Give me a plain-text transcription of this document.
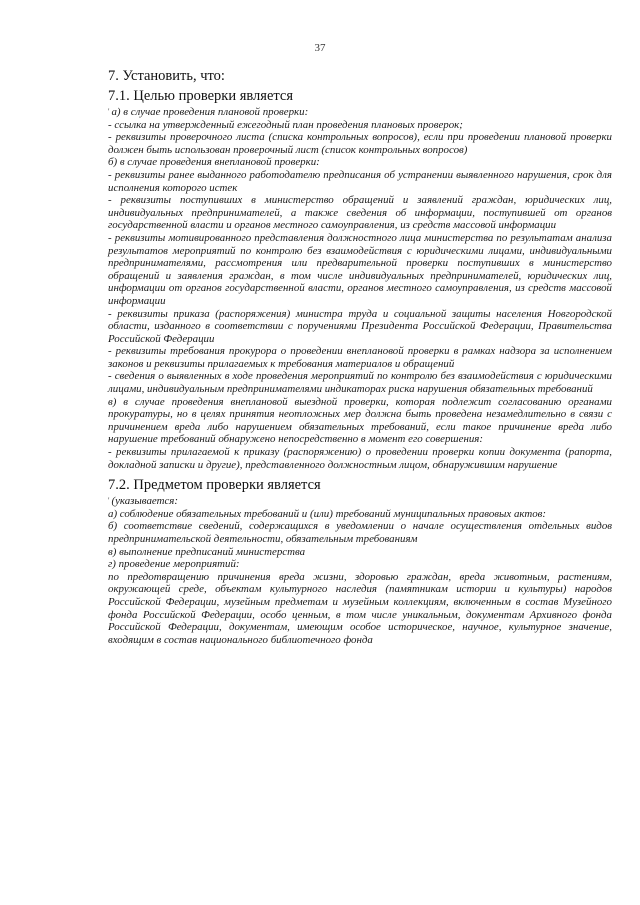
37
7. Установить, что:
7.1. Целью проверки является
' а) в случае проведения плановой проверки:
- ссылка на утвержденный ежегодный план проведения плановых проверок;
- реквизиты проверочного листа (списка контрольных вопросов), если при проведении плановой проверки должен быть использован проверочный лист (список контрольных вопросов)
б) в случае проведения внеплановой проверки:
- реквизиты ранее выданного работодателю предписания об устранении выявленного нарушения, срок для исполнения которого истек
- реквизиты поступивших в министерство обращений и заявлений граждан, юридических лиц, индивидуальных предпринимателей, а также сведения об информации, поступившей от органов государственной власти и органов местного самоуправления, из средств массовой информации
- реквизиты мотивированного представления должностного лица министерства по результатам анализа результатов мероприятий по контролю без взаимодействия с юридическими лицами, индивидуальными предпринимателями, рассмотрения или предварительной проверки поступивших в министерство обращений и заявления граждан, в том числе индивидуальных предпринимателей, юридических лиц, информации от органов государственной власти, органов местного самоуправления, из средств массовой информации
- реквизиты приказа (распоряжения) министра труда и социальной защиты населения Новгородской области, изданного в соответствии с поручениями Президента Российской Федерации, Правительства Российской Федерации
- реквизиты требования прокурора о проведении внеплановой проверки в рамках надзора за исполнением законов и реквизиты прилагаемых к требования материалов и обращений
- сведения о выявленных в ходе проведения мероприятий по контролю без взаимодействия с юридическими лицами, индивидуальным предпринимателями индикаторах риска нарушения обязательных требований
в) в случае проведения внеплановой выездной проверки, которая подлежит согласованию органами прокуратуры, но в целях принятия неотложных мер должна быть проведена незамедлительно в связи с причинением вреда либо нарушением обязательных требований, если такое причинение вреда либо нарушение требований обнаружено непосредственно в момент его совершения:
- реквизиты прилагаемой к приказу (распоряжению) о проведении проверки копии документа (рапорта, докладной записки и другие), представленного должностным лицом, обнаружившим нарушение
7.2. Предметом проверки является
' (указывается:
а) соблюдение обязательных требований и (или) требований муниципальных правовых актов:
б) соответствие сведений, содержащихся в уведомлении о начале осуществления отдельных видов предпринимательской деятельности, обязательным требованиям
в) выполнение предписаний министерства
г) проведение мероприятий:
по предотвращению причинения вреда жизни, здоровью граждан, вреда животным, растениям, окружающей среде, объектам культурного наследия (памятникам истории и культуры) народов Российской Федерации, музейным предметам и музейным коллекциям, включенным в состав Музейного фонда Российской Федерации, особо ценным, в том числе уникальным, документам Архивного фонда Российской Федерации, документам, имеющим особое историческое, научное, культурное значение, входящим в состав национального библиотечного фонда
